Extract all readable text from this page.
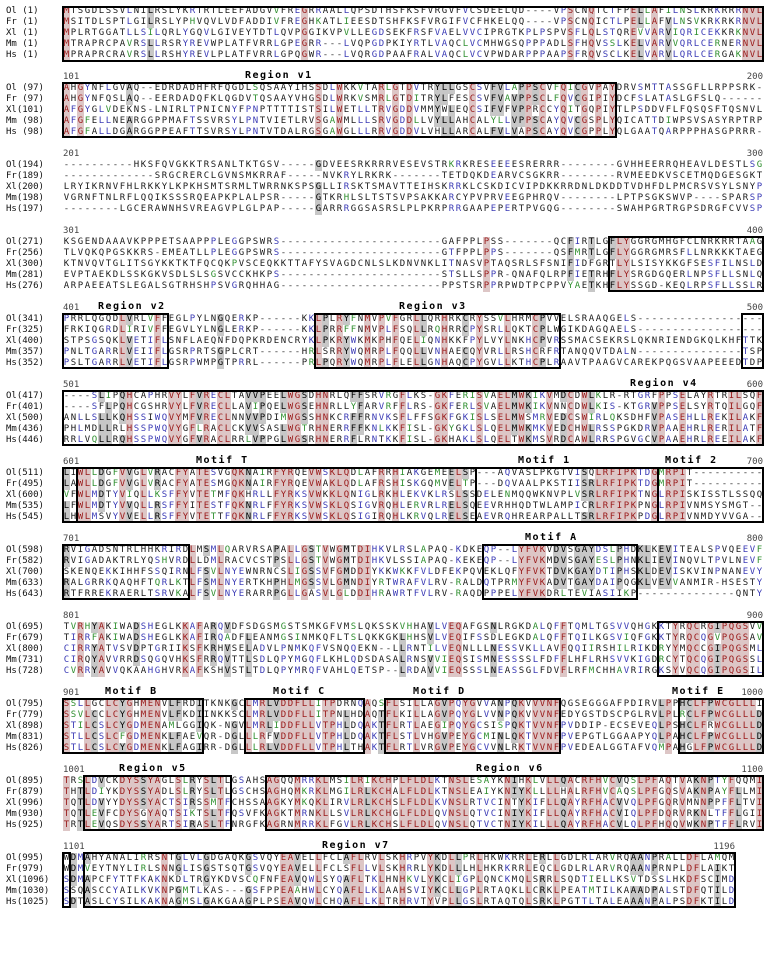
Ol (1)	M T S G D L S S V L N I L R S L Y K R T R T L E E F A D G V V F R E G R R A A L L Q P S D T H S F K S F V R G V F V C S D E E L Q D - - - - V P S C N Q T C T F P E L L A F I L N S L K R K R R R N V L
Fr (1)	M S I T D L S P T L G I L R S L Y P H V Q V L V D F A D D I V F R E G H K A T L I E E S D T S H F K S F V R G I F V C F H K E L Q Q - - - - V P S C N Q I C T L P E L L A F V L N S V K R K R K R N V L
Xl (1)	M P L R T G G A T L L S I L Q R L Y G Q V L G I V E Y T D T L Q V P G G I K V P V L L E G D S E K F R S F V A E L V V C I P R G T K P L P S P V S F L Q L S T Q R E V V A R V I Q R I C E K K R K N V L
Mm (1)	M T R A P R C P A V R S L L R S R Y R E V W P L A T F V R R L G P E G R R - - - L V Q P G D P K I Y R T L V A Q C L V C M H W G S Q P P P A D L S F H Q V S S L K E L V A R V V Q R L C E R N E R N V L
Hs (1)	M P R A P R C R A V R S L L R S H Y R E V L P L A T F V R R L G P Q G W R - - - L V Q R G D P A A F R A L V A Q C L V C V P W D A R P P P A A P S F R Q V S C L K E L V A R V L Q R L C E R G A K N V L
101	200
Region v1
Ol (97) A H G Y N F L G V A Q - - E D R D A D H F R F Q G D L S Q S A A Y I H S S D L W K K V T A R L G T D V T R Y L L G S C S V F V L A P P S C V F Q I C G V P A Y D R V S M T T A S S G F L L R P P S R K -
Fr (97) A H G Y N F Q S L A Q - - E E R D A D Q F K L Q G D V T Q S A A Y V H G S D L W R K V S M R L G T D I T R Y L F E S C S V F V A V P P S C L F Q V C G I P I Y D C F S L A T A S L G F S L Q - - - - - -
Xl(101) A F G Y G L V D E K N S - L N I R L T P N I C N Y F P N P T T T T I S T S I L W E T L L T R V G D D V M M Y W L E Q C S I F V F V P P R C C Y Q I T G Q P I Y T L P S D D V F L F Q S Q S F T Q S N V L
Mm (98) A F G F E L L N E A R G G P P M A F T S S V R S Y L P N T V I E T L R V S G A W M L L L S R V G D D L L V Y L L A H C A L Y L L V P P S C A Y Q V C G S P L Y Q I C A T T D I W P S V S A S Y R P T R P
Hs (98) A F G F A L L D G A R G G P P E A F T T S V R S Y L P N T V T D A L R G S G A W G L L L R R V G D D V L V H L L A R C A L F V L V A P S C A Y Q V C G P P L Y Q L G A A T Q A R P P P H A S G P R R R -
201	300
Ol(194) - - - - - - - - - - H K S F Q V G K K T R S A N L T K T G S V - - - - - G D V E E S R K R R R V E S E V S T R K R K R E S E E E E S R E R R R - - - - - - - - G V H H E E R R Q H E A V L D E S T L S G
Fr(189) - - - - - - - - - - - - - S R G C R E R C L G V N S M K R R A F - - - - - N V K R Y L R K R K - - - - - - - T E T D Q K D E A R V C S G K R R - - - - - - - - R V M E E D K V S C E T M Q D G E S G K T
Xl(200) L R Y I K R N V F H L R K K Y L K P K H S M T S R M L T W R R N K S P S G L L I R S K T S M A V T T E I H S K R R K L C S K D I C V I P D K K R R D N L D K D D T V D H F D L P M C R S V S Y L S N Y P
Mm(198) V G R N F T N L R F L Q Q I K S S S R Q E A P K P L A L P S R - - - - - G T K R H L S L T S T S V P S A K K A R C Y P V P R V E E G P H R Q V - - - - - - - - L P T P S G K S W V P - - - - S P A R S P
Hs(197) - - - - - - - - L G C E R A W N H S V R E A G V P L G L P A P - - - - - G A R R R G G S A S R S L P L P K R P R R G A A P E P E R T P V G Q G - - - - - - - - S W A H P G R T R G P S D R G F C V V S P
301	400
Ol(271) K S G E N D A A A V K P P P E T S A A P P P L E G G P S W R S - - - - - - - - - - - - - - - - - - - - - - - G A F P P L P S S - - - - - - - Q C F I R T L G F L Y G G R G M H G F C L N R K R R T A A G
Fr(256) T L V Q K Q P G S K K R S - E M E A T L L P L E G G P S W R S - - - - - - - - - - - - - - - - - - - - - - - G T F P P L P P S - - - - - - - Q S F M R T L G F L Y G G R G M R S F L L N R K K K T A E G
Xl(300) K T N V Q V T G L I T S G Y K K T K T F Q C Q K P V S C E Q K K T T A F Y S V A G D C N L S L K D N V N K L I T N A S V P T A Q S R L S F S N I F I D F G R T L Y L S I S Y K K G F S E S F I L N S L D
Mm(281) E V P T A E K D L S S K G K V S D L S L S G S V C C K H K P S - - - - - - - - - - - - - - - - - - - - - - - S T S L L S P P R - Q N A F Q L R P F I E T R H F L Y S R G D G Q E R L N P S F L L S N L Q
Hs(276) A R P A E E A T S L E G A L S G T R H S H P S V G R Q H H A G - - - - - - - - - - - - - - - - - - - - - - - P P S T S R P P R P W D T P C P P V Y A E T K H F L Y S S G D - K E Q L R P S F L L S S L R
401	500
Region v2	Region v3
Ol(341) P R R L Q G Q D L V R L V F F E G L P Y L N G Q E R K P - - - - - - K K L P L R Y F N M V P V F G R L L Q R H R K C R Y S S V L H R M C P V V E L S R A A Q G E L S - - - - - - - - - - - - - - - - - -
Fr(325) F R K I Q G R D L I R I V F F E G V L Y L N G L E R K P - - - - - - K K L P R R F F N M V P L F S Q L L R Q H R R C P Y S R L L Q K T C P L W G I K D A G Q A E L S - - - - - - - - - - - - - - - - - -
Xl(400) S T P S G S Q K L V E T I F L S N F L A E Q N F D Q P K R D E N C R Y K L P K R Y W K M K P H F Q E L I Q N H K K F P Y L V Y L N K H C P V R S S M A C S E K R S L Q K N R I E N D G K Q L K H F T T K
Mm(357) P N L T G A R R L V E I I F L G S R P R T S G P L C R T - - - - - - H R L S R R Y W Q M R P L F Q Q L L V N H A E C Q Y V R L L R S H C R F R T A N Q Q V T D A L N - - - - - - - - - - - - - - - T S P
Hs(352) P S L T G A R R L V E T I F L G S R P W M P G T P R R L - - - - - - P R L P Q R Y W Q M R P L F L E L L G N H A Q C P Y G V L L K T H C P L R A A V T P A A G V C A R E K P Q G S V A A P E E E D T D P
501	600
Region v4
Ol(417) - - - - S L I P Q H C A P H R V Y L F V R E C L T A V V P E E L W G S D H N R L Q F F S R V R G F L K S - G K F E R I S V A E L M W K I K V M D C D W L K L R - R T G R F P P S E L A Y R T R I L S Q F
Fr(401) - - - - S F L P Q H C G S H R V Y L F V R E C L L A V I P Q E L W G S E H N R L L Y F A R V R F F L R S - G K F E R L S V A E L M W K I K V N N C D W L K I S - K T G R V P P S E L S Y R T Q I L G Q F
Xl(500) A N L L S L L K Q H S S I W Q V Y M F V R E C L N N V V P D I M W G S S H N K C R F F R N V K S F L F F S G K F G K I S L S E L M W S M R V E D C S W I R L Q K S D H F V P A S E H L L R E K I L A K F
Mm(436) P H L M D L L R L H S S P W Q V Y G F L R A C L C K V V S A S L W G T R H N E R R F F K N L K K F I S L - G K Y G K L S L Q E L M W K M K V E D C H W L R S S P G K D R V P A A E H R L R E R I L A T F
Hs(446) R R L V Q L L R Q H S S P W Q V Y G F V R A C L R R L V P P G L W G S R H N E R R F L R N T K K F I S L - G K H A K L S L Q E L T W K M S V R D C A W L R R S P G V G C V P A A E H R L R E E I L A K F
601	700
Motif T	Motif 1	Motif 2
Ol(511) L I W L L D G F V V G L V R A C F Y A T E S V G Q K N A I R F Y R Q E V W S K L Q D L A F R R H I A K G E M E E L S P - - - A Q V A S L P K G T V I S Q L R F I P K T D G M R P I T - - - - - - - - - -
Fr(495) L A W L L D G F V V G L V R A C F Y A T E S M G Q K N A I R F Y R Q E V W A K L Q D L A F R S H I S K G Q M V E L T P - - - D Q V A A L P K S T I I S R L R F I P K T D G M R P I T - - - - - - - - - -
Xl(600) V F W L M D T Y V I Q L L K S F F Y V T E T M F Q K H R L L F Y R K S V W K K L Q N I G L R K H L E K V K L R S L S S D E L E N M Q Q W K N V P L V S R L R F I P K T N G L R P I S K I S S T L S S Q Q
Mm(535) L F W L M D T Y V V Q L L R S F F Y I T E S T F Q K N R L F F Y R K S V W S K L Q S I G V R Q H L E R V R L R E L S Q E E V R H H Q D T W L A M P I C R L R F I P K P N G L R P I V N M S Y S M G T - -
Hs(545) L H W L M S V Y V V E L L R S F F Y V T E T T F Q K N R L F F Y R K S V W S K L Q S I G I R Q H L K R V Q L R E L S E A E V R Q H R E A R P A L L T S R L R F I P K P D G L R P I V N M D Y V V G A - -
701	800
Motif A
Ol(598) R V I G A D S N T R L H H K R I R D L M S M L Q A R V R S A P A L L G S T V W G M T D I H K V L R S L A P A Q - K D K E Q P - - L Y F V K V D V S G A Y D S L P H D K L K E V I T E A L S P V Q E E V F
Fr(582) R V I G A D A K T R L Y Q S H V R D L L D M L R A C V C S T P S L L G S T V W G M T D I H K V L S S I A P A Q - K E K E Q P - - L Y F V K M D V S G A Y E S L P H N K L I E V I N Q V L T P V L N E V F
Xl(700) S K E N Q E K K I H H F S S Q I R N L F S V L N Y E W N R N C S L I G S S V F G M D D I Y K K W K K F V L D F E K P Q V E K L Q F Y F V K T D V K G A Y D T I P H S K L D E V I S K V I N P N A N E V Y
Mm(633) R A L G R R K Q A Q H F T Q R L K T L F S M L N Y E R T K H P H L M G S S V L G M N D I Y R T W R A F V L R V - R A L D Q T P R M Y F V K A D V T G A Y D A I P Q G K L V E V V A N M I R - H S E S T Y
Hs(643) R T F R R E K R A E R L T S R V K A L F S V L N Y E R A R R P G L L G A S V L G L D D I H R A W R T F V L R V - R A Q D P P P E L Y F V K D R L T E V I A S I I K P - - - - - - - - - - - - - - Q N T Y
801	900
Ol(695) T V R H Y A K I W A D S H E G L K K A F A R Q V D F S D G S M G S T S M K G F V M S L Q K S S K V H H A V L V E Q A F G S N L R G K D A L Q F F T Q M L T G S V V Q H G K K T Y R Q C R G I P Q G S V V
Fr(679) T I R R F A K I W A D S H E G L K K A F I R Q A D F L E A N M G S I N M K Q F L T S L Q K K G K L H H S V L V E Q I F S S D L E G K D A L Q F F T Q I L K G S V I Q F G K K T Y R Q C Q G V P Q G S A V
Xl(800) C I R R Y A T V S V D P T G R I I K S F K R H V S E L A D V L P N M K Q F V S N Q Q E K N - - L L R N T I L V E Q N L L L N E S S V K L L A V F Q Q I I R S H I L R I K D R Y Y M Q C C G I P Q G S M L
Mm(731) C I R Q Y A V V R R D S Q G Q V H K S F R R Q V T T L S D L Q P Y M G Q F L K H L Q D S D A S A L R N S V V I E Q S I S M N E S S S S L F D F F L H F L R H S V V K I G D R C Y T Q C Q G I P Q G S S L
Hs(728) C V R R Y A V V Q K A A H G H V R K A F K S H V S T L T D L Q P Y M R Q F V A H L Q E T S P - - L R D A V V I E Q S S S L N E A S S G L F D V F L R F M C H H A V R I R G K S Y V Q C Q G I P Q G S I L
901	1000
Motif B	Motif C	Motif D	Motif E
Ol(795) S S L L G C L C Y G H M E N V L F R D I T K N K G C L M R L V D D F L L I T P D R N Q A Q S F L S I L L A G V P Q Y G V V A N P Q K V V V N F Q G S E G G G A F P D I R V L P P H C L F P W C G L L L I
Fr(779) S S V L C C L C Y G H M E N V L F K D I I N K K S C L M R L V D D F L L I T P N L H D A Q T F L K I L L A G V P Q Y G L V V N P Q K V V V N F E D Y G S T D S C P G L R V L P L R C L F P W C G L L L D
Xl(898) S T I L C S L C Y G D M E N A M L G G I Q K - N G V L M R L I D D F L L V T P H L D Q A K T F L R T L A E G I P Q Y G C S I S P Q K T V V N F P V D D I P - E C S E V E Q L P S H C L F R W C G L L L D
Mm(831) S T L L C S L C F G D M E N K L F A E V Q R - D G L L L R F V D D F L L V T P H L D Q A K T F L S T L V H G V P E Y G C M I N L Q K T V V N F P V E P G T L G G A A P Y Q L P A H C L F P W C G L L L D
Hs(826) S T L L C S L C Y G D M E N K L F A G I R R - D G L L L R L V D D F L L V T P H L T H A K T F L R T L V R G V P E Y G C V V N L R K T V V N F P V E D E A L G G T A F V Q M P A H G L F P W C G L L L D
1001	1100
Region v5	Region v6
Ol(895) T R S L D V C K D Y S S Y A G L S L R Y S L T L G S A H S A G Q Q M R R K L M S I L R I K C H P L F L D L K T N S L E S A Y K N I H K L V L L Q A C R F H V C V Q S L P F A Q T V A K N P T Y F Q Q M I
Fr(879) T H T L D I Y K D Y S S Y A D L S L R Y S L T L G S C H S A G H Q M K R K L M G I L R L K C H A L F L D L K T N S L E A I Y K N I Y K L L L L H A L R F H V C A Q S L P F G Q S V A K N P A Y F L L M I
Xl(996) T Q T L D V Y Y D Y S S Y A C T S I R S S M T F C H S S A A G K Y M K Q K L I R V L R L K C H S L F L D L K V N S L R T V C I N T Y K I F L L Q A Y R F H A C V V Q L P F G Q R V M N N P P F F L T V I
Mm(930) T Q T L E V F C D Y S G Y A Q T S I K T S L T F Q S V F K A G K T M R N K L L S V L R L K C H G L F L D L Q V N S L Q T V C I N I Y K I F L L Q A Y R F H A C V I Q L P F D Q R V R K N L T F F L G I I
Hs(925) T R T L E V Q S D Y S S Y A R T S I R A S L T F N R G F K A G R N M R R K L F G V L R L K C H S L F L D L Q V N S L Q T V C T N I Y K I L L L Q A Y R F H A C V L Q L P F H Q Q V W K N P T F F L R V I
1101	1196
Region v7
Ol(995) W D M A H Y A N A L I R R S N T G L V L G D G A Q K G S V Q Y E A V E L L F C L A F L R V L S K H R P V Y K D L L P R L H K W K R R L E R L L G D L R L A R V R Q A A N P R A L L D F L A M Q M
Fr(979) W D M V E Y T N Y L I R L S N N G L I S G S T S Q T G S V Q Y E A V E L L F C L S F L L V L S K H R R L Y K D L L L H L H K R K R R L E Q C L G D L R L A R V R Q A A N P R N P L D F L A I K T
Xl(1096) S D M A P C F Y T T F K A K N K D L T R G Y K D V S C Q F N F E A V Q W L S Y Q A F L T K L H N H K V L Y K C L I G P L Q N C K M Q L S R R L S Q D T I E L L K S V T D S S L H K D F S C I M D
Mm(1030) S S Q A S C C Y A I L K V K N P G M T L K A S - - - G S F P P E A A H W L C Y Q A F L L K L A A H S V I Y K C L L G P L R T A Q K L L C R K L P E A T M T I L K A A A D P A L S T D F Q T I L D
Hs(1025) S D T A S L C Y S I L K A K N A G M S L G A K G A A G P L P S E A V Q W L C H Q A F L L K L T R H R V T Y V P L L G S L R T A Q T Q L S R K L P G T T L T A L E A A A N P A L P S D F K T I L D
